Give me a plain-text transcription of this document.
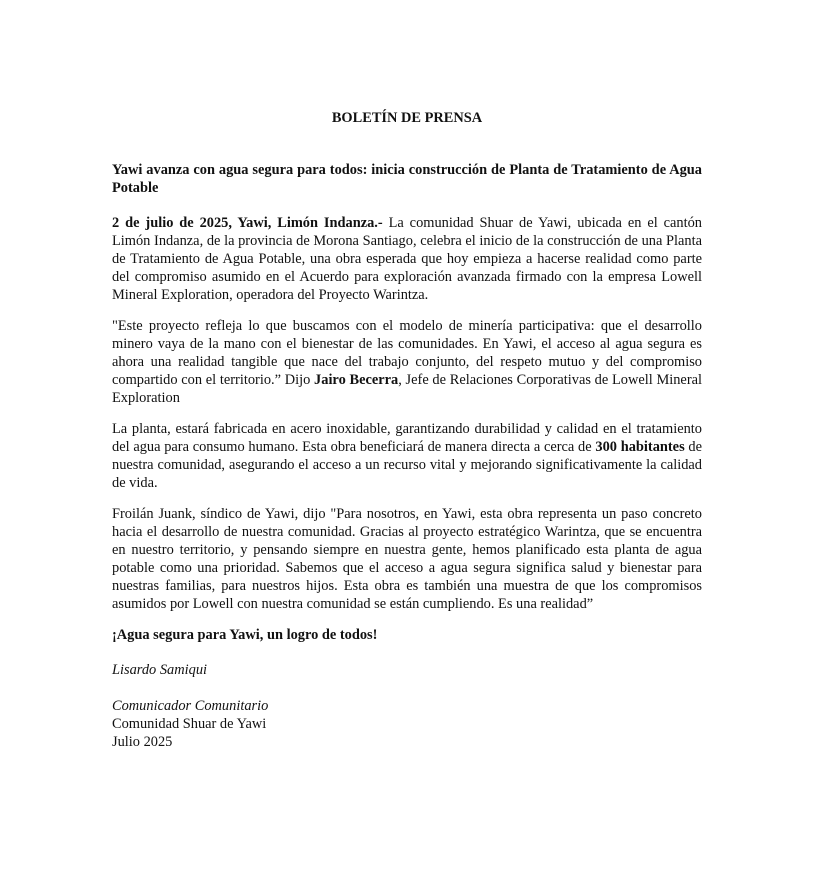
BOLETÍN DE PRENSA
Yawi avanza con agua segura para todos: inicia construcción de Planta de Tratamiento de Agua Potable

2 de julio de 2025, Yawi, Limón Indanza.- La comunidad Shuar de Yawi, ubicada en el cantón Limón Indanza, de la provincia de Morona Santiago, celebra el inicio de la construcción de una Planta de Tratamiento de Agua Potable, una obra esperada que hoy empieza a hacerse realidad como parte del compromiso asumido en el Acuerdo para exploración avanzada firmado con la empresa Lowell Mineral Exploration, operadora del Proyecto Warintza.

"Este proyecto refleja lo que buscamos con el modelo de minería participativa: que el desarrollo minero vaya de la mano con el bienestar de las comunidades. En Yawi, el acceso al agua segura es ahora una realidad tangible que nace del trabajo conjunto, del respeto mutuo y del compromiso compartido con el territorio.” Dijo Jairo Becerra, Jefe de Relaciones Corporativas de Lowell Mineral Exploration

La planta, estará fabricada en acero inoxidable, garantizando durabilidad y calidad en el tratamiento del agua para consumo humano. Esta obra beneficiará de manera directa a cerca de 300 habitantes de nuestra comunidad, asegurando el acceso a un recurso vital y mejorando significativamente la calidad de vida.

Froilán Juank, síndico de Yawi, dijo "Para nosotros, en Yawi, esta obra representa un paso concreto hacia el desarrollo de nuestra comunidad. Gracias al proyecto estratégico Warintza, que se encuentra en nuestro territorio, y pensando siempre en nuestra gente, hemos planificado esta planta de agua potable como una prioridad. Sabemos que el acceso a agua segura significa salud y bienestar para nuestras familias, para nuestros hijos. Esta obra es también una muestra de que los compromisos asumidos por Lowell con nuestra comunidad se están cumpliendo. Es una realidad”

¡Agua segura para Yawi, un logro de todos!
Lisardo Samiqui
Comunicador Comunitario
Comunidad Shuar de Yawi
Julio 2025
